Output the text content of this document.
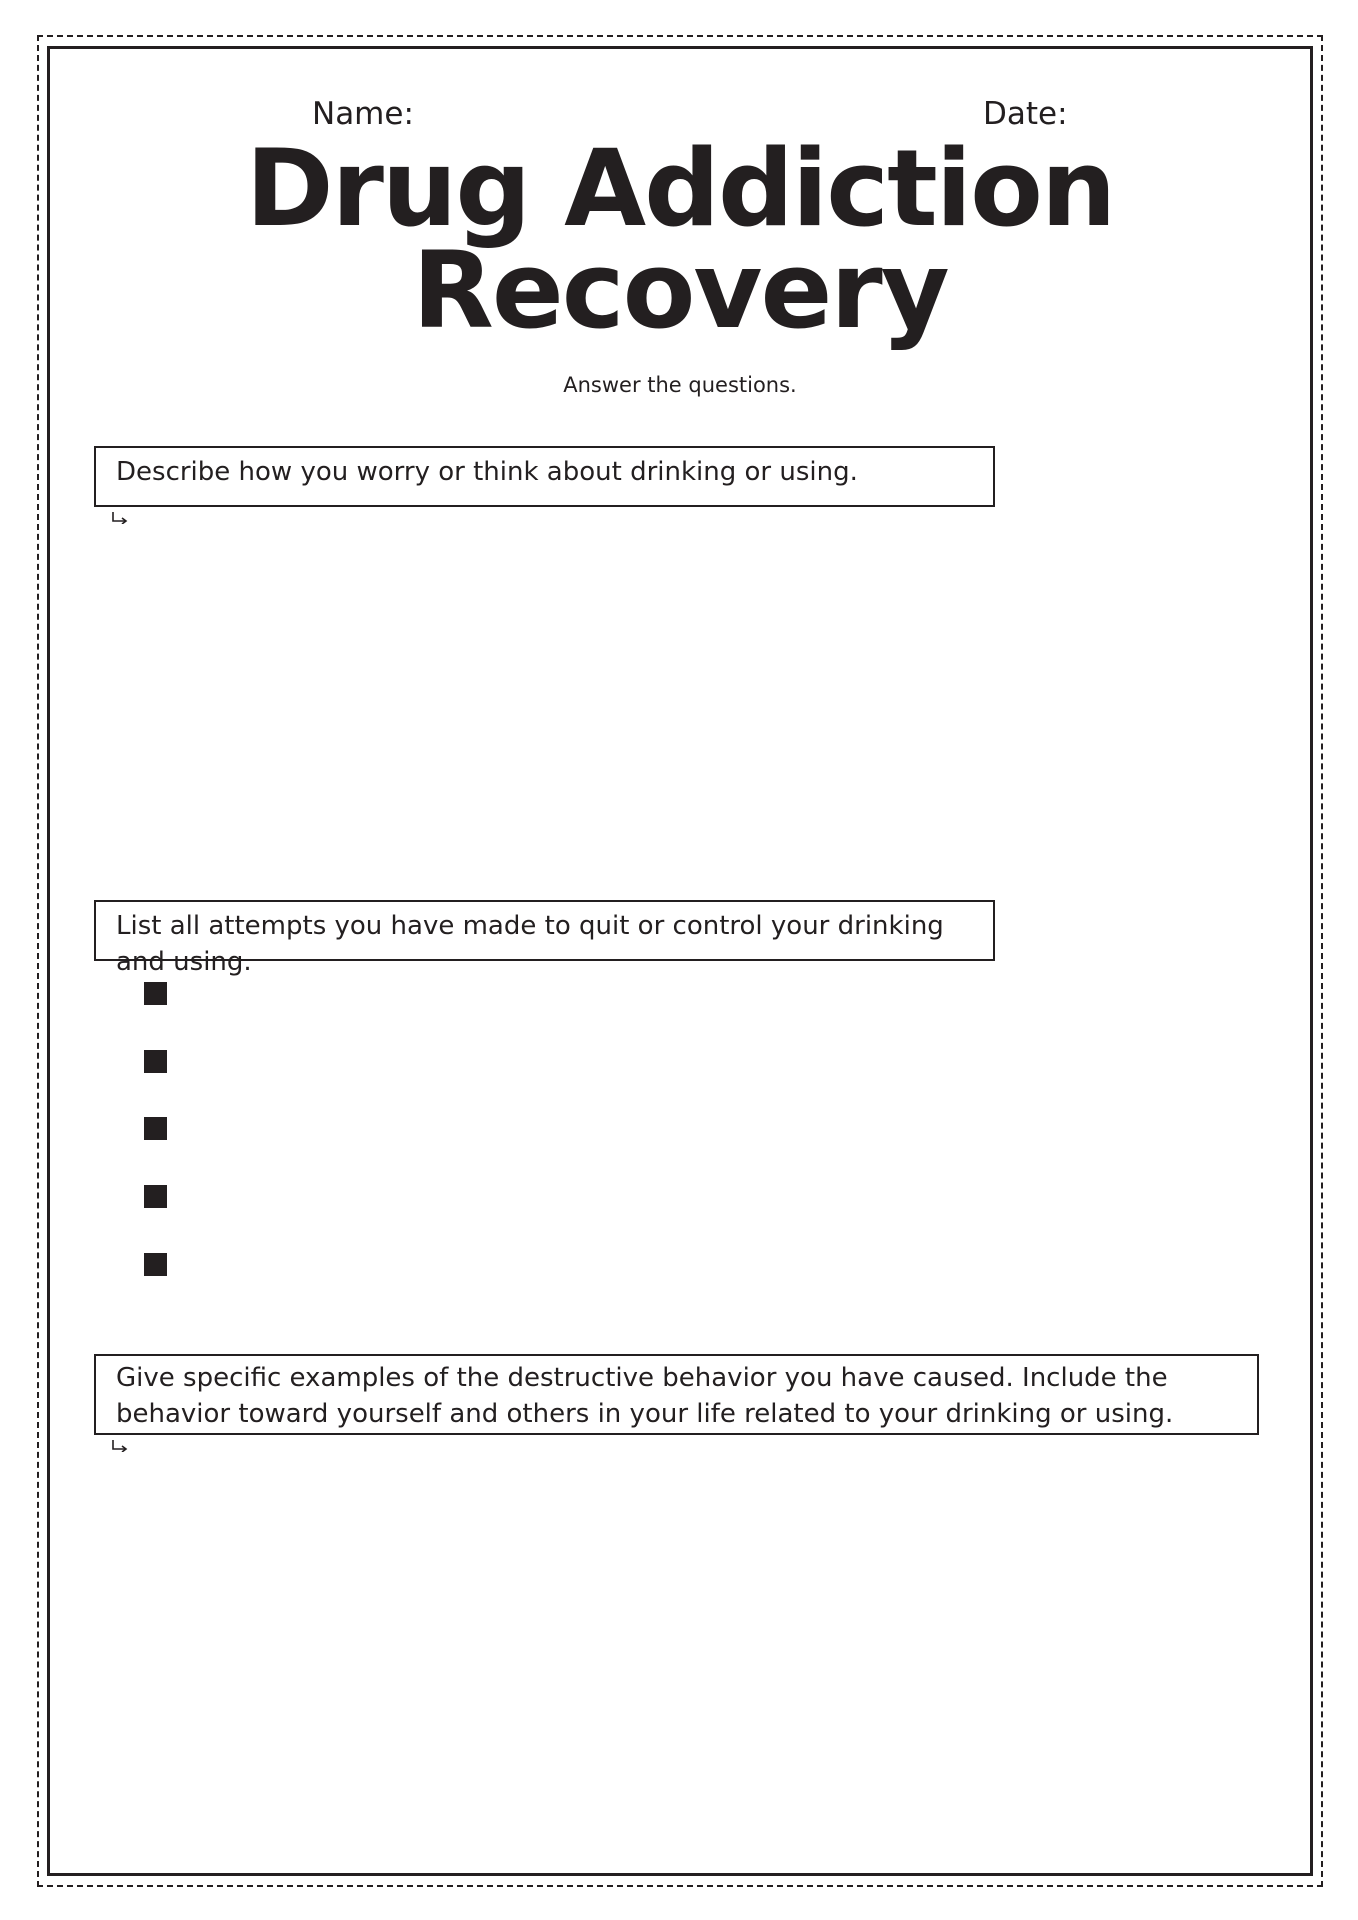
Name:	Date:
Drug Addiction
Recovery
Answer the questions.
Describe how you worry or think about drinking or using.
List all attempts you have made to quit or control your drinking and using.
Give specific examples of the destructive behavior you have caused. Include the behavior toward yourself and others in your life related to your drinking or using.
